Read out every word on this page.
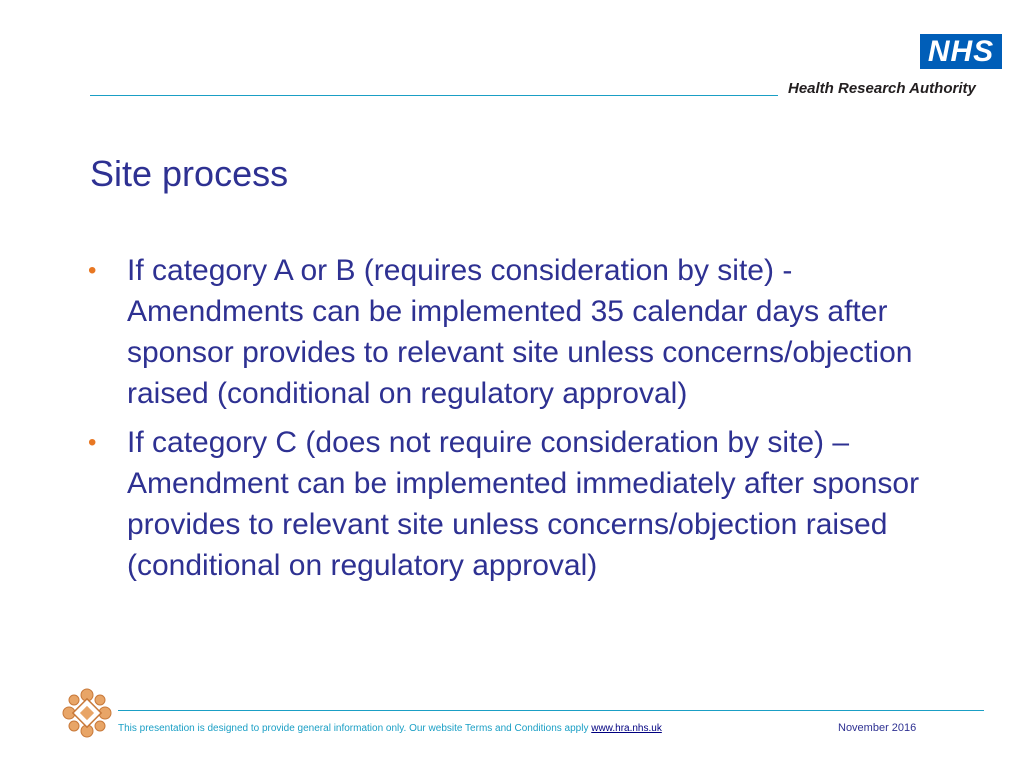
NHS
Health Research Authority
Site process
• If category A or B (requires consideration by site) - Amendments can be implemented 35 calendar days after sponsor provides to relevant site unless concerns/objection raised (conditional on regulatory approval)
• If category C (does not require consideration by site) – Amendment can be implemented immediately after sponsor provides to relevant site unless concerns/objection raised (conditional on regulatory approval)
This presentation is designed to provide general information only. Our website Terms and Conditions apply www.hra.nhs.uk	November 2016
